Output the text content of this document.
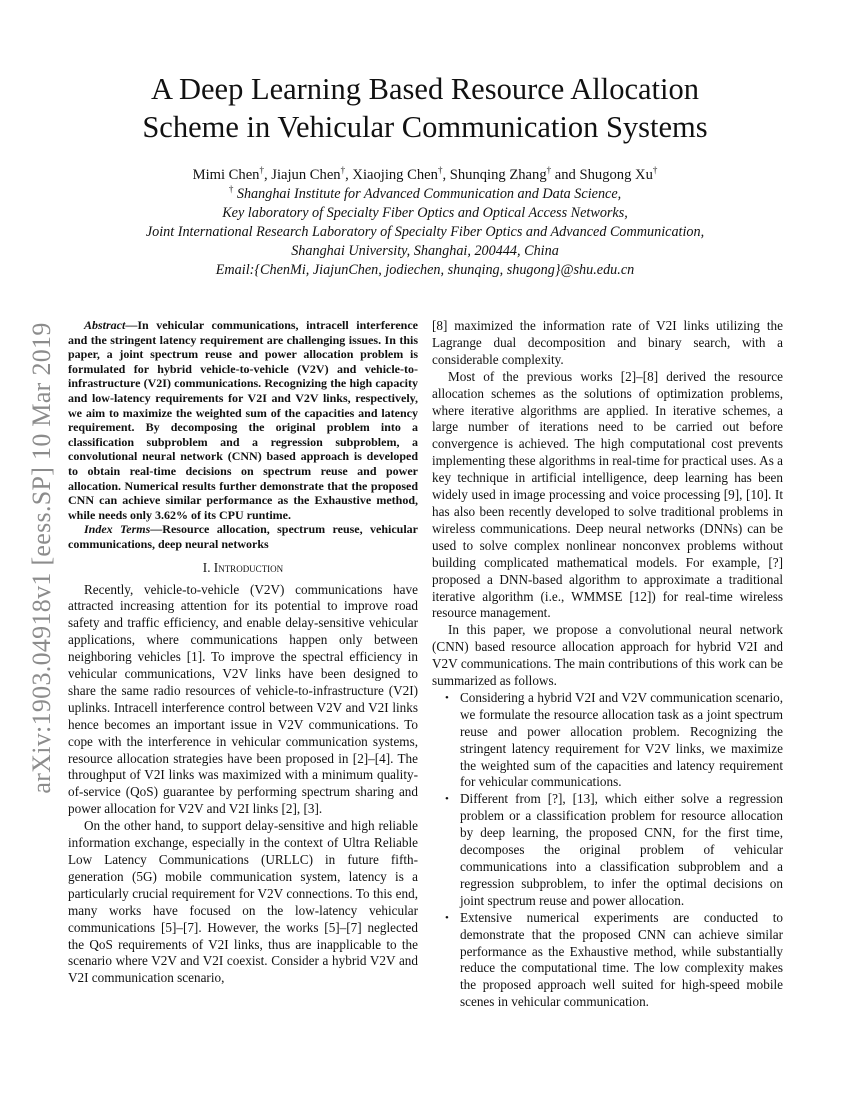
arXiv:1903.04918v1 [eess.SP] 10 Mar 2019
A Deep Learning Based Resource Allocation
Scheme in Vehicular Communication Systems
Mimi Chen†, Jiajun Chen†, Xiaojing Chen†, Shunqing Zhang† and Shugong Xu†
† Shanghai Institute for Advanced Communication and Data Science,
Key laboratory of Specialty Fiber Optics and Optical Access Networks,
Joint International Research Laboratory of Specialty Fiber Optics and Advanced Communication,
Shanghai University, Shanghai, 200444, China
Email:{ChenMi, JiajunChen, jodiechen, shunqing, shugong}@shu.edu.cn

Abstract—In vehicular communications, intracell interference and the stringent latency requirement are challenging issues. In this paper, a joint spectrum reuse and power allocation problem is formulated for hybrid vehicle-to-vehicle (V2V) and vehicle-to-infrastructure (V2I) communications. Recognizing the high capacity and low-latency requirements for V2I and V2V links, respectively, we aim to maximize the weighted sum of the capacities and latency requirement. By decomposing the original problem into a classification subproblem and a regression subproblem, a convolutional neural network (CNN) based approach is developed to obtain real-time decisions on spectrum reuse and power allocation. Numerical results further demonstrate that the proposed CNN can achieve similar performance as the Exhaustive method, while needs only 3.62% of its CPU runtime.

Index Terms—Resource allocation, spectrum reuse, vehicular communications, deep neural networks

I. Introduction

Recently, vehicle-to-vehicle (V2V) communications have attracted increasing attention for its potential to improve road safety and traffic efficiency, and enable delay-sensitive vehicular applications, where communications happen only between neighboring vehicles [1]. To improve the spectral efficiency in vehicular communications, V2V links have been designed to share the same radio resources of vehicle-to-infrastructure (V2I) uplinks. Intracell interference control between V2V and V2I links hence becomes an important issue in V2V communications. To cope with the interference in vehicular communication systems, resource allocation strategies have been proposed in [2]–[4]. The throughput of V2I links was maximized with a minimum quality-of-service (QoS) guarantee by performing spectrum sharing and power allocation for V2V and V2I links [2], [3].

On the other hand, to support delay-sensitive and high reliable information exchange, especially in the context of Ultra Reliable Low Latency Communications (URLLC) in future fifth-generation (5G) mobile communication system, latency is a particularly crucial requirement for V2V connections. To this end, many works have focused on the low-latency vehicular communications [5]–[7]. However, the works [5]–[7] neglected the QoS requirements of V2I links, thus are inapplicable to the scenario where V2V and V2I coexist. Consider a hybrid V2V and V2I communication scenario,

[8] maximized the information rate of V2I links utilizing the Lagrange dual decomposition and binary search, with a considerable complexity.

Most of the previous works [2]–[8] derived the resource allocation schemes as the solutions of optimization problems, where iterative algorithms are applied. In iterative schemes, a large number of iterations need to be carried out before convergence is achieved. The high computational cost prevents implementing these algorithms in real-time for practical uses. As a key technique in artificial intelligence, deep learning has been widely used in image processing and voice processing [9], [10]. It has also been recently developed to solve traditional problems in wireless communications. Deep neural networks (DNNs) can be used to solve complex nonlinear nonconvex problems without building complicated mathematical models. For example, [?] proposed a DNN-based algorithm to approximate a traditional iterative algorithm (i.e., WMMSE [12]) for real-time wireless resource management.

In this paper, we propose a convolutional neural network (CNN) based resource allocation approach for hybrid V2I and V2V communications. The main contributions of this work can be summarized as follows.

• Considering a hybrid V2I and V2V communication scenario, we formulate the resource allocation task as a joint spectrum reuse and power allocation problem. Recognizing the stringent latency requirement for V2V links, we maximize the weighted sum of the capacities and latency requirement for vehicular communications.
• Different from [?], [13], which either solve a regression problem or a classification problem for resource allocation by deep learning, the proposed CNN, for the first time, decomposes the original problem of vehicular communications into a classification subproblem and a regression subproblem, to infer the optimal decisions on joint spectrum reuse and power allocation.
• Extensive numerical experiments are conducted to demonstrate that the proposed CNN can achieve similar performance as the Exhaustive method, while substantially reduce the computational time. The low complexity makes the proposed approach well suited for high-speed mobile scenes in vehicular communication.
